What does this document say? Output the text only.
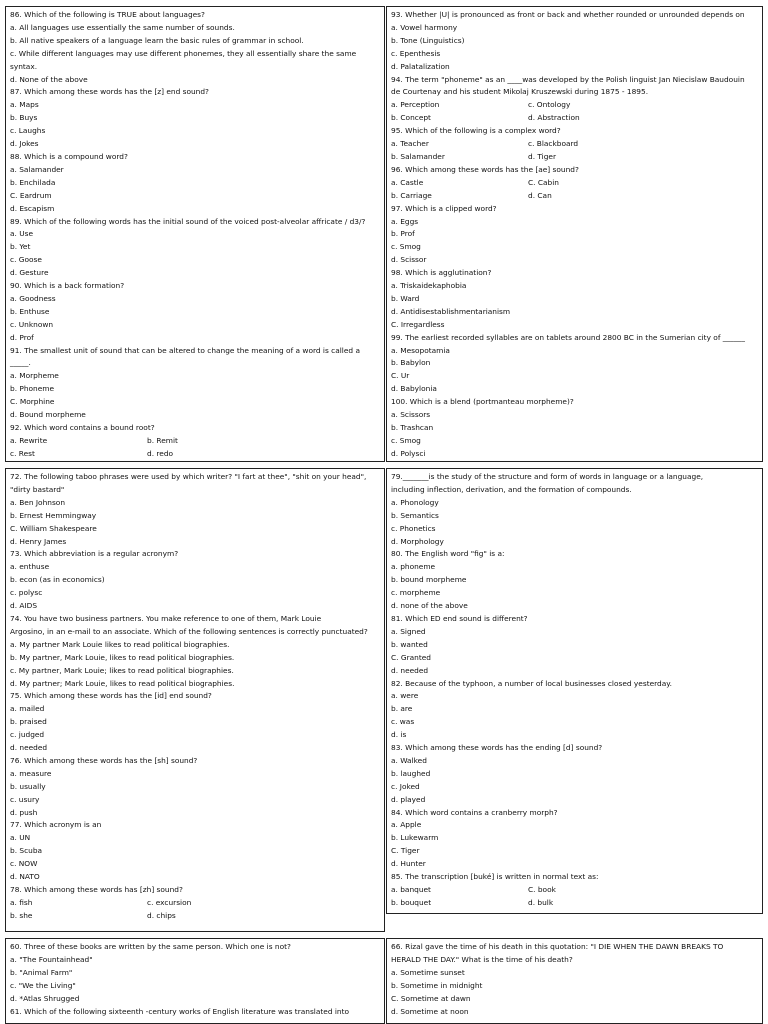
86. Which of the following is TRUE about languages?
a. All languages use essentially the same number of sounds.
b. All native speakers of a language learn the basic rules of grammar in school.
c. While different languages may use different phonemes, they all essentially share the same
syntax.
d. None of the above
87. Which among these words has the [z] end sound?
a. Maps
b. Buys
c. Laughs
d. Jokes
88. Which is a compound word?
a. Salamander
b. Enchilada
C. Eardrum
d. Escapism
89. Which of the following words has the initial sound of the voiced post-alveolar affricate / d3/?
a. Use
b. Yet
c. Goose
d. Gesture
90. Which is a back formation?
a. Goodness
b. Enthuse
c. Unknown
d. Prof
91. The smallest unit of sound that can be altered to change the meaning of a word is called a
_____.
a. Morpheme
b. Phoneme
C. Morphine
d. Bound morpheme
92. Which word contains a bound root?
a. Rewrite	b. Remit
c. Rest	d. redo
93. Whether |U| is pronounced as front or back and whether rounded or unrounded depends on
a. Vowel harmony
b. Tone (Linguistics)
c. Epenthesis
d. Palatalization
94. The term "phoneme" as an ____was developed by the Polish linguist Jan Niecislaw Baudouin
de Courtenay and his student Mikolaj Kruszewski during 1875 - 1895.
a. Perception	c. Ontology
b. Concept	d. Abstraction
95. Which of the following is a complex word?
a. Teacher	c. Blackboard
b. Salamander	d. Tiger
96. Which among these words has the [ae] sound?
a. Castle	C. Cabin
b. Carriage	d. Can
97. Which is a clipped word?
a. Eggs
b. Prof
c. Smog
d. Scissor
98. Which is agglutination?
a. Triskaidekaphobia
b. Ward
d. Antidisestablishmentarianism
C. Irregardless
99. The earliest recorded syllables are on tablets around 2800 BC in the Sumerian city of ______
a. Mesopotamia
b. Babylon
C. Ur
d. Babylonia
100. Which is a blend (portmanteau morpheme)?
a. Scissors
b. Trashcan
c. Smog
d. Polysci
72. The following taboo phrases were used by which writer? "I fart at thee", "shit on your head",
"dirty bastard"
a. Ben Johnson
b. Ernest Hemmingway
C. William Shakespeare
d. Henry James
73. Which abbreviation is a regular acronym?
a. enthuse
b. econ (as in economics)
c. polysc
d. AIDS
74. You have two business partners. You make reference to one of them, Mark Louie
Argosino, in an e-mail to an associate. Which of the following sentences is correctly punctuated?
a. My partner Mark Louie likes to read political biographies.
b. My partner, Mark Louie, likes to read political biographies.
c. My partner, Mark Louie; likes to read political biographies.
d. My partner; Mark Louie, likes to read political biographies.
75. Which among these words has the [id] end sound?
a. mailed
b. praised
c. judged
d. needed
76. Which among these words has the [sh] sound?
a. measure
b. usually
c. usury
d. push
77. Which acronym is an
a. UN
b. Scuba
c. NOW
d. NATO
78. Which among these words has [zh] sound?
a. fish	c. excursion
b. she	d. chips
79._______is the study of the structure and form of words in language or a language,
including inflection, derivation, and the formation of compounds.
a. Phonology
b. Semantics
c. Phonetics
d. Morphology
80. The English word "fig" is a:
a. phoneme
b. bound morpheme
c. morpheme
d. none of the above
81. Which ED end sound is different?
a. Signed
b. wanted
C. Granted
d. needed
82. Because of the typhoon, a number of local businesses closed yesterday.
a. were
b. are
c. was
d. is
83. Which among these words has the ending [d] sound?
a. Walked
b. laughed
c. Joked
d. played
84. Which word contains a cranberry morph?
a. Apple
b. Lukewarm
C. Tiger
d. Hunter
85. The transcription [buké] is written in normal text as:
a. banquet	C. book
b. bouquet	d. bulk
60. Three of these books are written by the same person. Which one is not?
a. "The Fountainhead"
b. "Animal Farm"
c. "We the Living"
d. *Atlas Shrugged
61. Which of the following sixteenth -century works of English literature was translated into
66. Rizal gave the time of his death in this quotation: "I DIE WHEN THE DAWN BREAKS TO
HERALD THE DAY." What is the time of his death?
a. Sometime sunset
b. Sometime in midnight
C. Sometime at dawn
d. Sometime at noon
